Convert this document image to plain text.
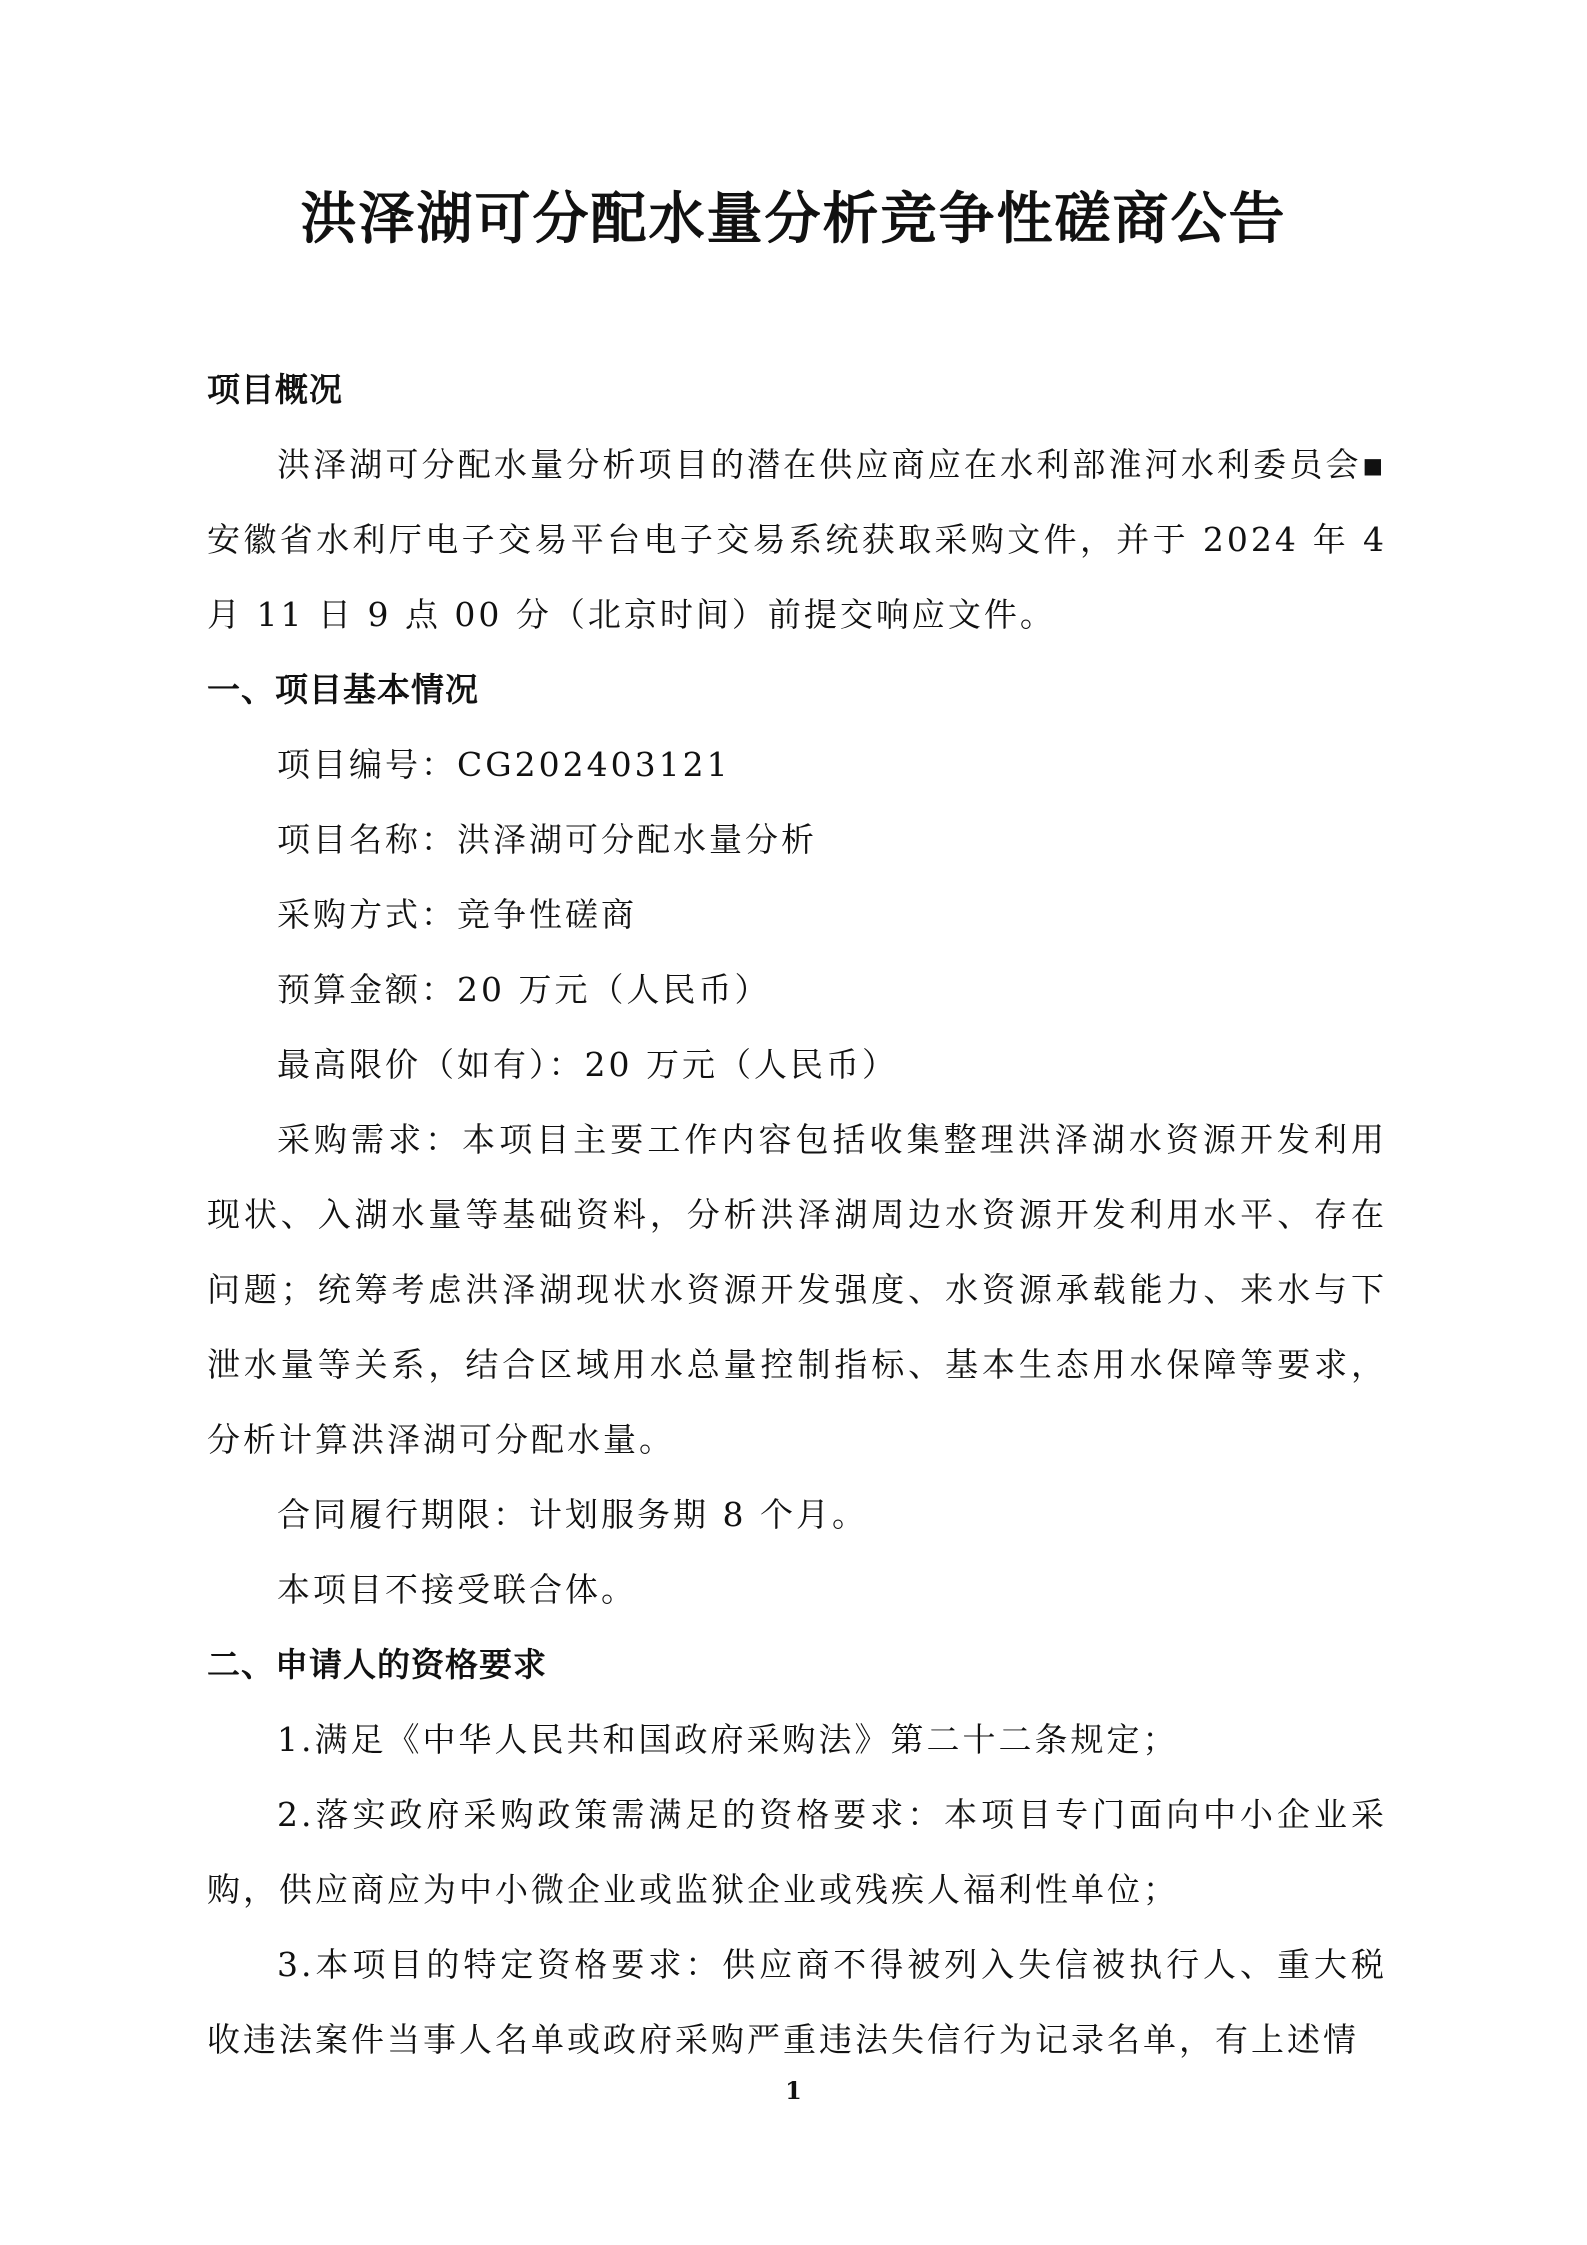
洪泽湖可分配水量分析竞争性磋商公告

项目概况

洪泽湖可分配水量分析项目的潜在供应商应在水利部淮河水利委员会▪安徽省水利厅电子交易平台电子交易系统获取采购文件，并于 2024 年 4 月 11 日 9 点 00 分（北京时间）前提交响应文件。

一、项目基本情况

项目编号：CG202403121

项目名称：洪泽湖可分配水量分析

采购方式：竞争性磋商

预算金额：20 万元（人民币）

最高限价（如有）：20 万元（人民币）

采购需求：本项目主要工作内容包括收集整理洪泽湖水资源开发利用现状、入湖水量等基础资料，分析洪泽湖周边水资源开发利用水平、存在问题；统筹考虑洪泽湖现状水资源开发强度、水资源承载能力、来水与下泄水量等关系，结合区域用水总量控制指标、基本生态用水保障等要求，分析计算洪泽湖可分配水量。

合同履行期限：计划服务期 8 个月。

本项目不接受联合体。

二、申请人的资格要求

1.满足《中华人民共和国政府采购法》第二十二条规定；

2.落实政府采购政策需满足的资格要求：本项目专门面向中小企业采购，供应商应为中小微企业或监狱企业或残疾人福利性单位；

3.本项目的特定资格要求：供应商不得被列入失信被执行人、重大税收违法案件当事人名单或政府采购严重违法失信行为记录名单，有上述情

1
